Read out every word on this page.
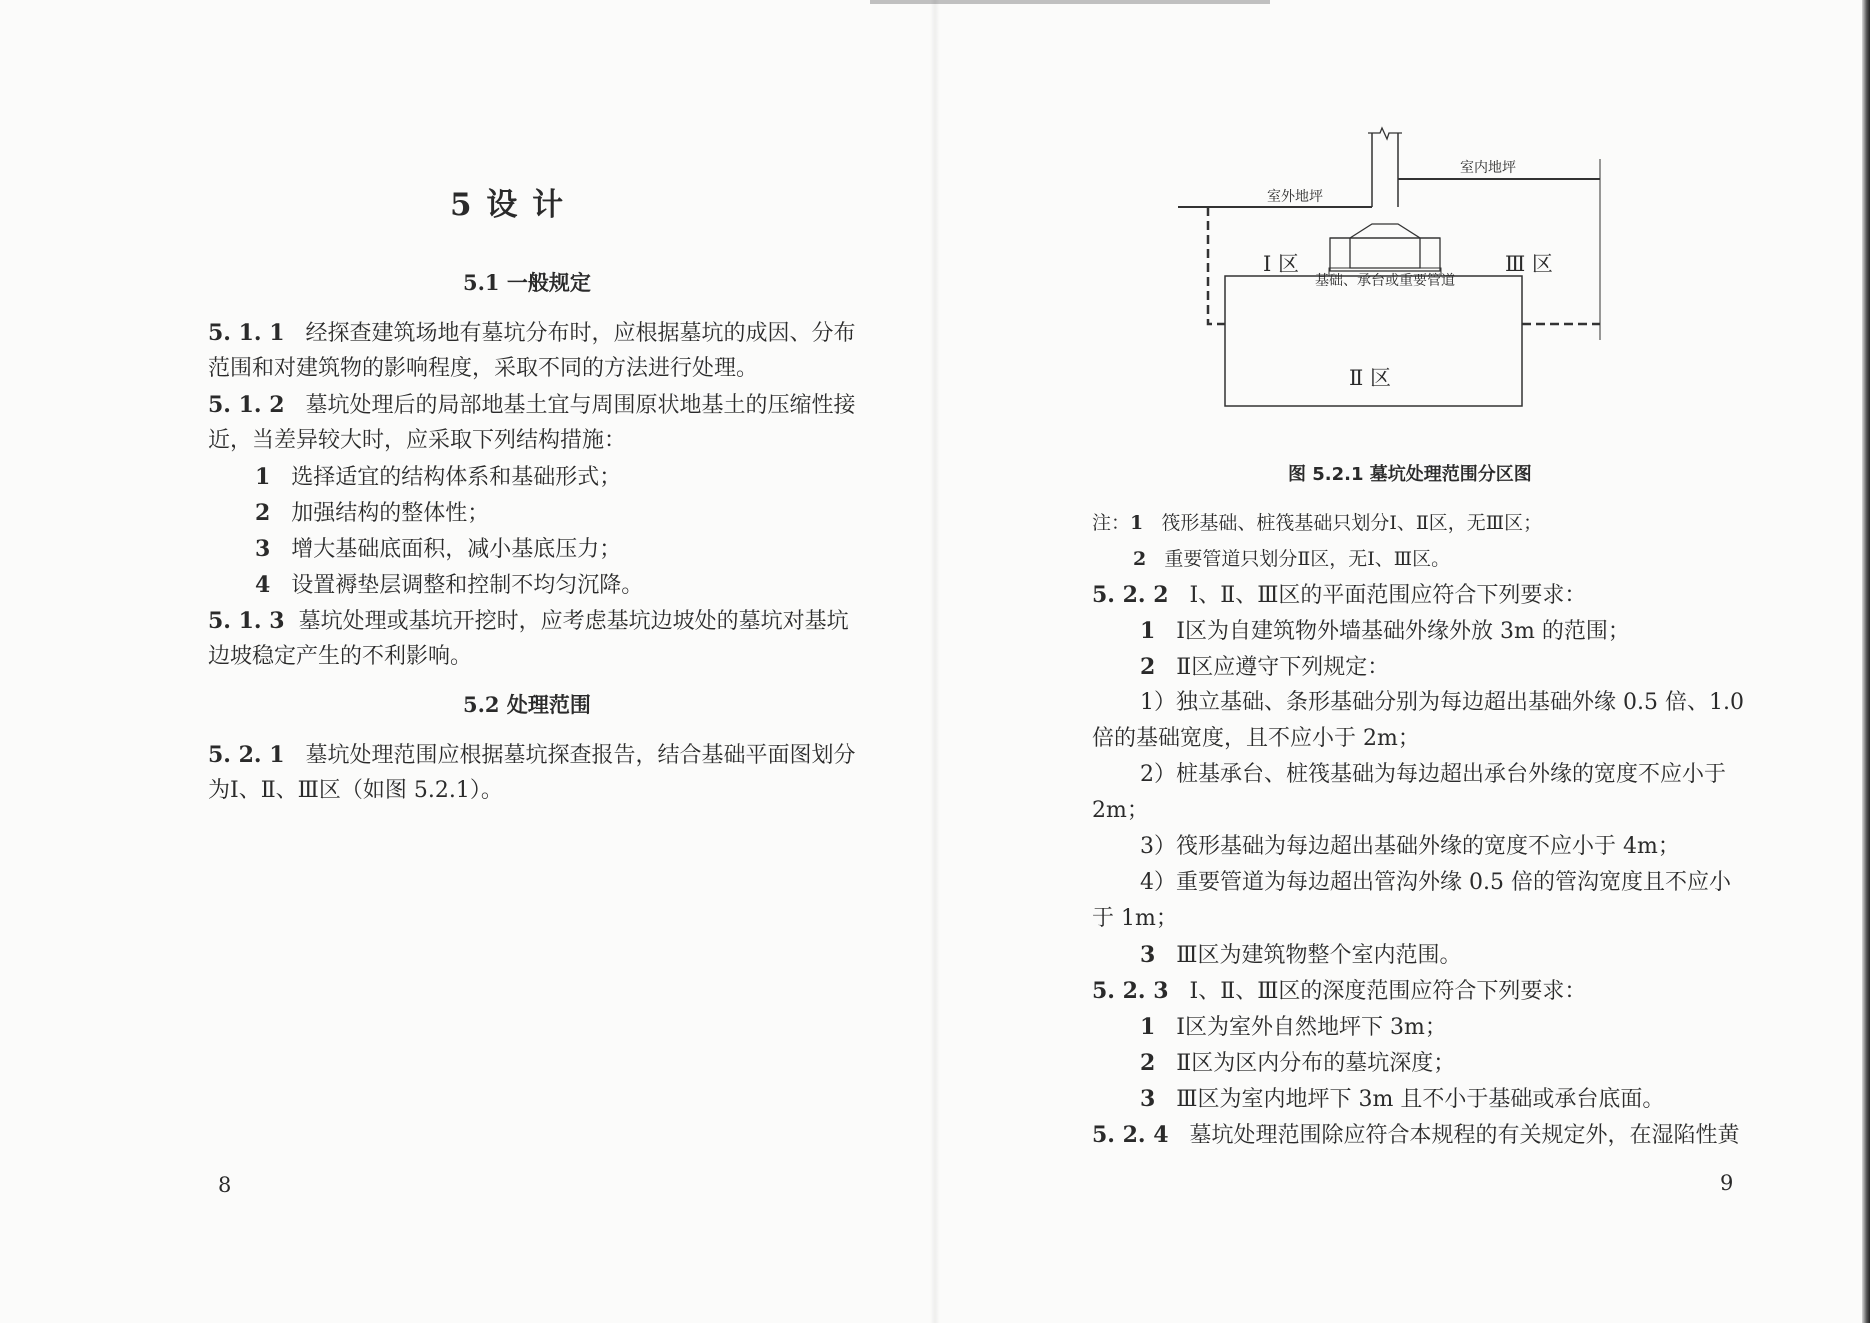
5 设 计
5.1 一般规定
5. 1. 1 经探查建筑场地有墓坑分布时，应根据墓坑的成因、分布
范围和对建筑物的影响程度，采取不同的方法进行处理。
5. 1. 2 墓坑处理后的局部地基土宜与周围原状地基土的压缩性接
近，当差异较大时，应采取下列结构措施：
1 选择适宜的结构体系和基础形式；
2 加强结构的整体性；
3 增大基础底面积，减小基底压力；
4 设置褥垫层调整和控制不均匀沉降。
5. 1. 3 墓坑处理或基坑开挖时，应考虑基坑边坡处的墓坑对基坑
边坡稳定产生的不利影响。
5.2 处理范围
5. 2. 1 墓坑处理范围应根据墓坑探查报告，结合基础平面图划分
为Ⅰ、Ⅱ、Ⅲ区（如图 5.2.1）。
8
室内地坪
室外地坪
Ⅰ 区	Ⅲ 区
Ⅱ 区
基础、承台或重要管道
图 5.2.1 墓坑处理范围分区图
注：1 筏形基础、桩筏基础只划分Ⅰ、Ⅱ区，无Ⅲ区；
2 重要管道只划分Ⅱ区，无Ⅰ、Ⅲ区。
5. 2. 2 Ⅰ、Ⅱ、Ⅲ区的平面范围应符合下列要求：
1 Ⅰ区为自建筑物外墙基础外缘外放 3m 的范围；
2 Ⅱ区应遵守下列规定：
1）独立基础、条形基础分别为每边超出基础外缘 0.5 倍、1.0
倍的基础宽度，且不应小于 2m；
2）桩基承台、桩筏基础为每边超出承台外缘的宽度不应小于
2m；
3）筏形基础为每边超出基础外缘的宽度不应小于 4m；
4）重要管道为每边超出管沟外缘 0.5 倍的管沟宽度且不应小
于 1m；
3 Ⅲ区为建筑物整个室内范围。
5. 2. 3 Ⅰ、Ⅱ、Ⅲ区的深度范围应符合下列要求：
1 Ⅰ区为室外自然地坪下 3m；
2 Ⅱ区为区内分布的墓坑深度；
3 Ⅲ区为室内地坪下 3m 且不小于基础或承台底面。
5. 2. 4 墓坑处理范围除应符合本规程的有关规定外，在湿陷性黄
9
